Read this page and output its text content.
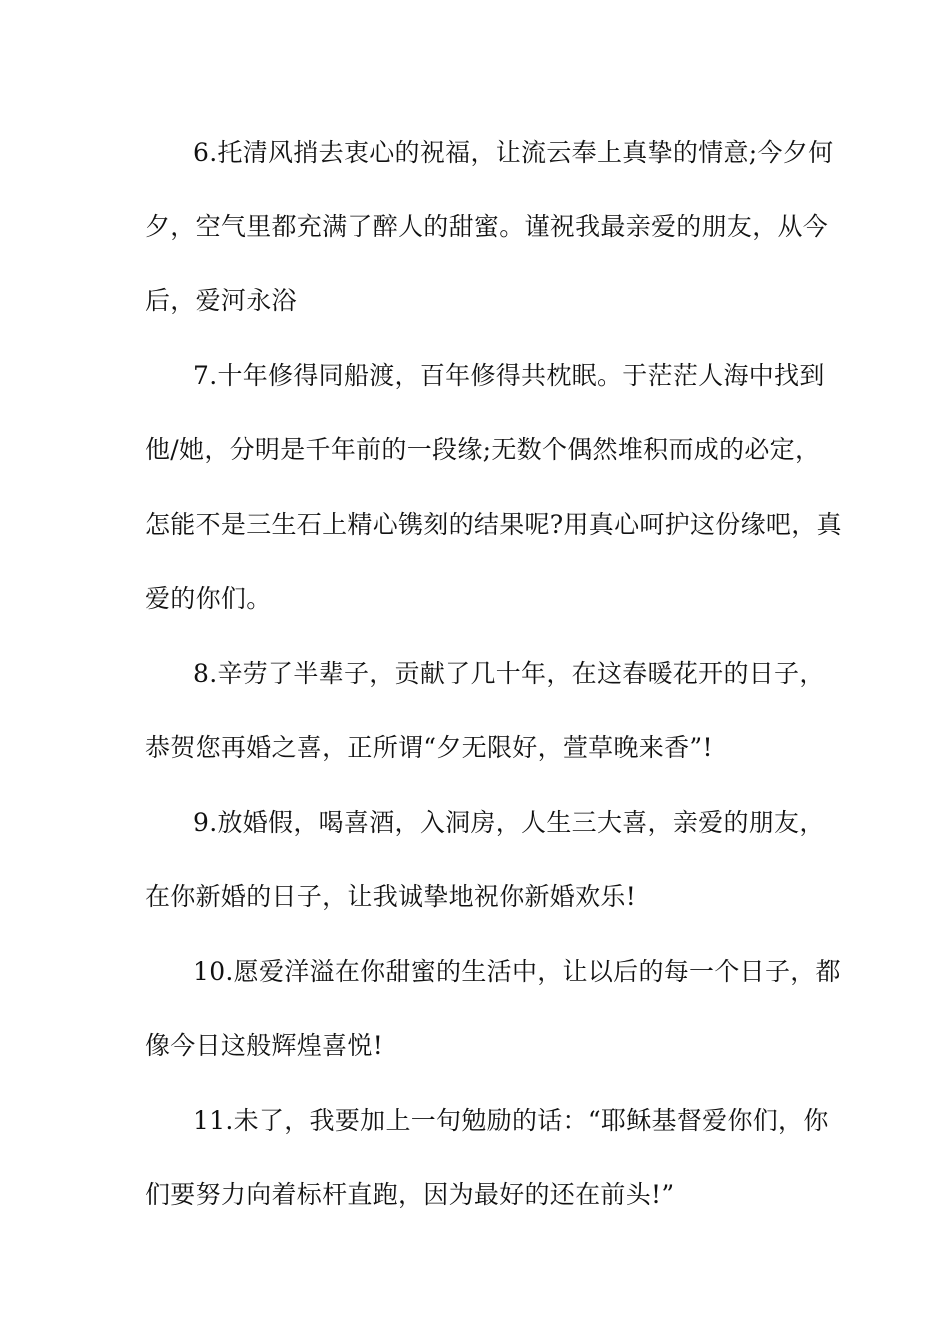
6.托清风捎去衷心的祝福，让流云奉上真挚的情意;今夕何
夕，空气里都充满了醉人的甜蜜。谨祝我最亲爱的朋友，从今
后，爱河永浴
7.十年修得同船渡，百年修得共枕眠。于茫茫人海中找到
他/她，分明是千年前的一段缘;无数个偶然堆积而成的必定，
怎能不是三生石上精心镌刻的结果呢?用真心呵护这份缘吧，真
爱的你们。
8.辛劳了半辈子，贡献了几十年，在这春暖花开的日子，
恭贺您再婚之喜，正所谓“夕无限好，萱草晚来香”!
9.放婚假，喝喜酒，入洞房，人生三大喜，亲爱的朋友，
在你新婚的日子，让我诚挚地祝你新婚欢乐!
10.愿爱洋溢在你甜蜜的生活中，让以后的每一个日子，都
像今日这般辉煌喜悦!
11.未了，我要加上一句勉励的话：“耶稣基督爱你们，你
们要努力向着标杆直跑，因为最好的还在前头!”
